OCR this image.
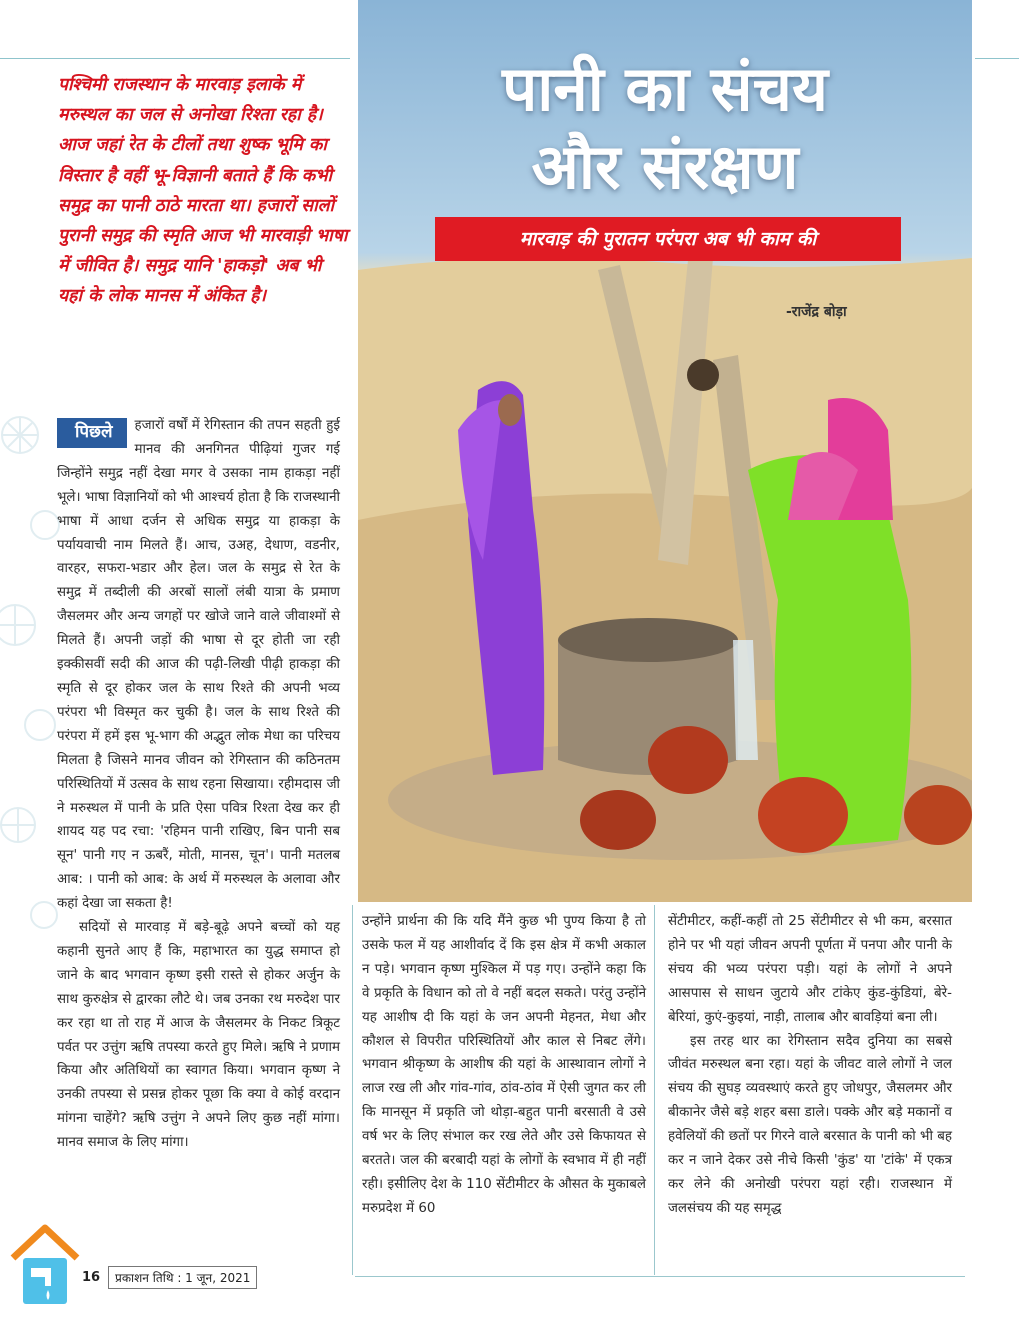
पश्चिमी राजस्थान के मारवाड़ इलाके में मरुस्थल का जल से अनोखा रिश्ता रहा है। आज जहां रेत के टीलों तथा शुष्क भूमि का विस्तार है वहीं भू-विज्ञानी बताते हैं कि कभी समुद्र का पानी ठाठे मारता था। हजारों सालों पुरानी समुद्र की स्मृति आज भी मारवाड़ी भाषा में जीवित है। समुद्र यानि 'हाकड़ो' अब भी यहां के लोक मानस में अंकित है।
पानी का संचय
और संरक्षण
मारवाड़ की पुरातन परंपरा अब भी काम की
-राजेंद्र बोड़ा
पिछले	हजारों वर्षों में रेगिस्तान की तपन सहती हुई मानव की अनगिनत पीढ़ियां गुजर गई जिन्होंने समुद्र नहीं देखा मगर वे उसका नाम हाकड़ा नहीं भूले। भाषा विज्ञानियों को भी आश्चर्य होता है कि राजस्थानी भाषा में आधा दर्जन से अधिक समुद्र या हाकड़ा के पर्यायवाची नाम मिलते हैं। आच, उअह, देधाण, वडनीर, वारहर, सफरा-भडार और हेल। जल के समुद्र से रेत के समुद्र में तब्दीली की अरबों सालों लंबी यात्रा के प्रमाण जैसलमर और अन्य जगहों पर खोजे जाने वाले जीवाश्मों से मिलते हैं। अपनी जड़ों की भाषा से दूर होती जा रही इक्कीसवीं सदी की आज की पढ़ी-लिखी पीढ़ी हाकड़ा की स्मृति से दूर होकर जल के साथ रिश्ते की अपनी भव्य परंपरा भी विस्मृत कर चुकी है। जल के साथ रिश्ते की परंपरा में हमें इस भू-भाग की अद्भुत लोक मेधा का परिचय मिलता है जिसने मानव जीवन को रेगिस्तान की कठिनतम परिस्थितियों में उत्सव के साथ रहना सिखाया। रहीमदास जी ने मरुस्थल में पानी के प्रति ऐसा पवित्र रिश्ता देख कर ही शायद यह पद रचा: 'रहिमन पानी राखिए, बिन पानी सब सून' पानी गए न ऊबरैं, मोती, मानस, चून'। पानी मतलब आब: । पानी को आब: के अर्थ में मरुस्थल के अलावा और कहां देखा जा सकता है!

सदियों से मारवाड़ में बड़े-बूढ़े अपने बच्चों को यह कहानी सुनते आए हैं कि, महाभारत का युद्ध समाप्त हो जाने के बाद भगवान कृष्ण इसी रास्ते से होकर अर्जुन के साथ कुरुक्षेत्र से द्वारका लौटे थे। जब उनका रथ मरुदेश पार कर रहा था तो राह में आज के जैसलमर के निकट त्रिकूट पर्वत पर उत्तुंग ऋषि तपस्या करते हुए मिले। ऋषि ने प्रणाम किया और अतिथियों का स्वागत किया। भगवान कृष्ण ने उनकी तपस्या से प्रसन्न होकर पूछा कि क्या वे कोई वरदान मांगना चाहेंगे? ऋषि उत्तुंग ने अपने लिए कुछ नहीं मांगा। मानव समाज के लिए मांगा।

उन्होंने प्रार्थना की कि यदि मैंने कुछ भी पुण्य किया है तो उसके फल में यह आशीर्वाद दें कि इस क्षेत्र में कभी अकाल न पड़े। भगवान कृष्ण मुश्किल में पड़ गए। उन्होंने कहा कि वे प्रकृति के विधान को तो वे नहीं बदल सकते। परंतु उन्होंने यह आशीष दी कि यहां के जन अपनी मेहनत, मेधा और कौशल से विपरीत परिस्थितियों और काल से निबट लेंगे। भगवान श्रीकृष्ण के आशीष की यहां के आस्थावान लोगों ने लाज रख ली और गांव-गांव, ठांव-ठांव में ऐसी जुगत कर ली कि मानसून में प्रकृति जो थोड़ा-बहुत पानी बरसाती वे उसे वर्ष भर के लिए संभाल कर रख लेते और उसे किफायत से बरतते। जल की बरबादी यहां के लोगों के स्वभाव में ही नहीं रही। इसीलिए देश के 110 सेंटीमीटर के औसत के मुकाबले मरुप्रदेश में 60

सेंटीमीटर, कहीं-कहीं तो 25 सेंटीमीटर से भी कम, बरसात होने पर भी यहां जीवन अपनी पूर्णता में पनपा और पानी के संचय की भव्य परंपरा पड़ी। यहां के लोगों ने अपने आसपास से साधन जुटाये और टांकेए कुंड-कुंडियां, बेरे-बेरियां, कुएं-कुइयां, नाड़ी, तालाब और बावड़ियां बना ली।

इस तरह थार का रेगिस्तान सदैव दुनिया का सबसे जीवंत मरुस्थल बना रहा। यहां के जीवट वाले लोगों ने जल संचय की सुघड़ व्यवस्थाएं करते हुए जोधपुर, जैसलमर और बीकानेर जैसे बड़े शहर बसा डाले। पक्के और बड़े मकानों व हवेलियों की छतों पर गिरने वाले बरसात के पानी को भी बह कर न जाने देकर उसे नीचे किसी 'कुंड' या 'टांके' में एकत्र कर लेने की अनोखी परंपरा यहां रही। राजस्थान में जलसंचय की यह समृद्ध

16	प्रकाशन तिथि : 1 जून, 2021
